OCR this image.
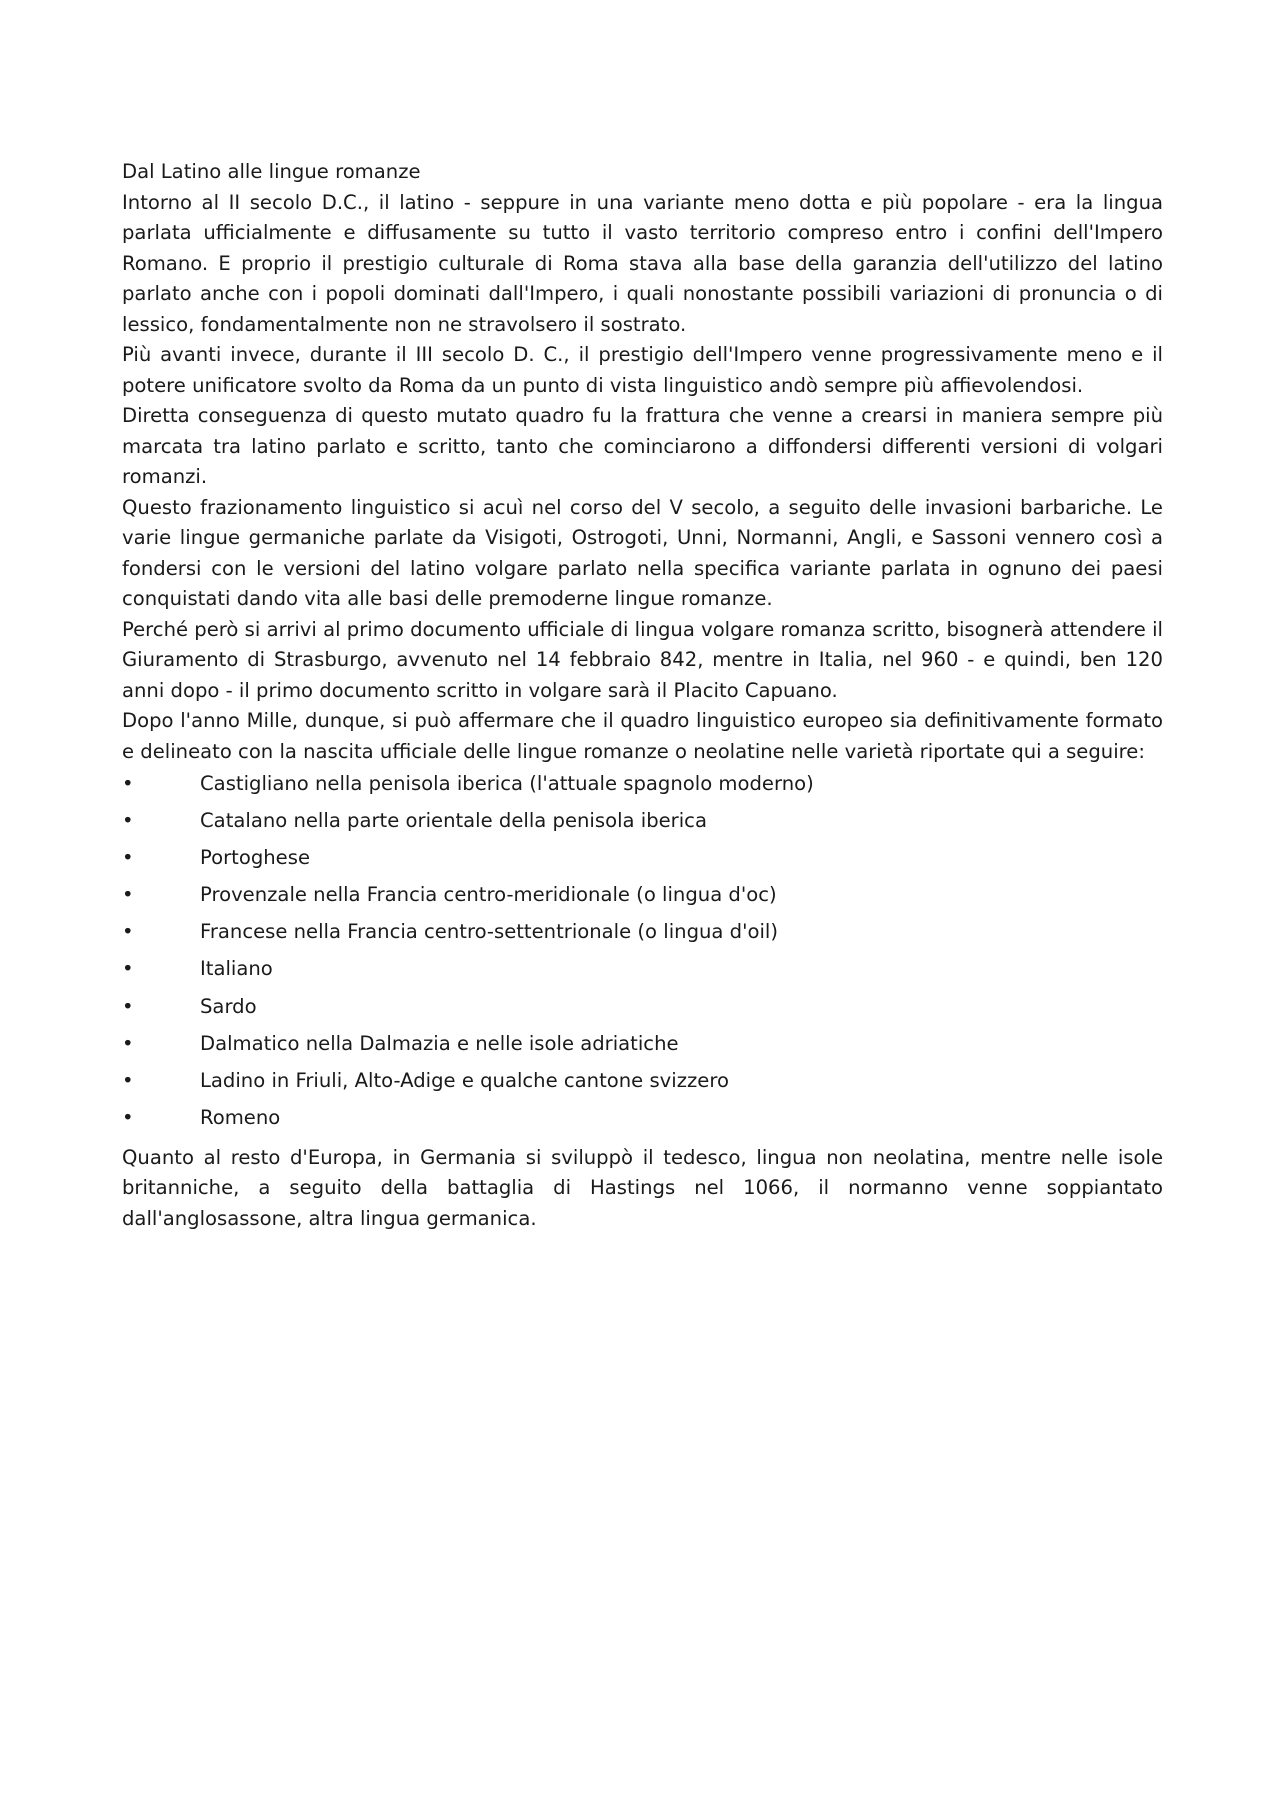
Dal Latino alle lingue romanze

Intorno al II secolo D.C., il latino - seppure in una variante meno dotta e più popolare - era la lingua parlata ufficialmente e diffusamente su tutto il vasto territorio compreso entro i confini dell'Impero Romano. E proprio il prestigio culturale di Roma stava alla base della garanzia dell'utilizzo del latino parlato anche con i popoli dominati dall'Impero, i quali nonostante possibili variazioni di pronuncia o di lessico, fondamentalmente non ne stravolsero il sostrato.

Più avanti invece, durante il III secolo D. C., il prestigio dell'Impero venne progressivamente meno e il potere unificatore svolto da Roma da un punto di vista linguistico andò sempre più affievolendosi.

Diretta conseguenza di questo mutato quadro fu la frattura che venne a crearsi in maniera sempre più marcata tra latino parlato e scritto, tanto che cominciarono a diffondersi differenti versioni di volgari romanzi.

Questo frazionamento linguistico si acuì nel corso del V secolo, a seguito delle invasioni barbariche. Le varie lingue germaniche parlate da Visigoti, Ostrogoti, Unni, Normanni, Angli, e Sassoni vennero così a fondersi con le versioni del latino volgare parlato nella specifica variante parlata in ognuno dei paesi conquistati dando vita alle basi delle premoderne lingue romanze.

Perché però si arrivi al primo documento ufficiale di lingua volgare romanza scritto, bisognerà attendere il Giuramento di Strasburgo, avvenuto nel 14 febbraio 842, mentre in Italia, nel 960 - e quindi, ben 120 anni dopo - il primo documento scritto in volgare sarà il Placito Capuano.

Dopo l'anno Mille, dunque, si può affermare che il quadro linguistico europeo sia definitivamente formato e delineato con la nascita ufficiale delle lingue romanze o neolatine nelle varietà riportate qui a seguire:

•	Castigliano nella penisola iberica (l'attuale spagnolo moderno)
•	Catalano nella parte orientale della penisola iberica
•	Portoghese
•	Provenzale nella Francia centro-meridionale (o lingua d'oc)
•	Francese nella Francia centro-settentrionale (o lingua d'oil)
•	Italiano
•	Sardo
•	Dalmatico nella Dalmazia e nelle isole adriatiche
•	Ladino in Friuli, Alto-Adige e qualche cantone svizzero
•	Romeno

Quanto al resto d'Europa, in Germania si sviluppò il tedesco, lingua non neolatina, mentre nelle isole britanniche, a seguito della battaglia di Hastings nel 1066, il normanno venne soppiantato dall'anglosassone, altra lingua germanica.
